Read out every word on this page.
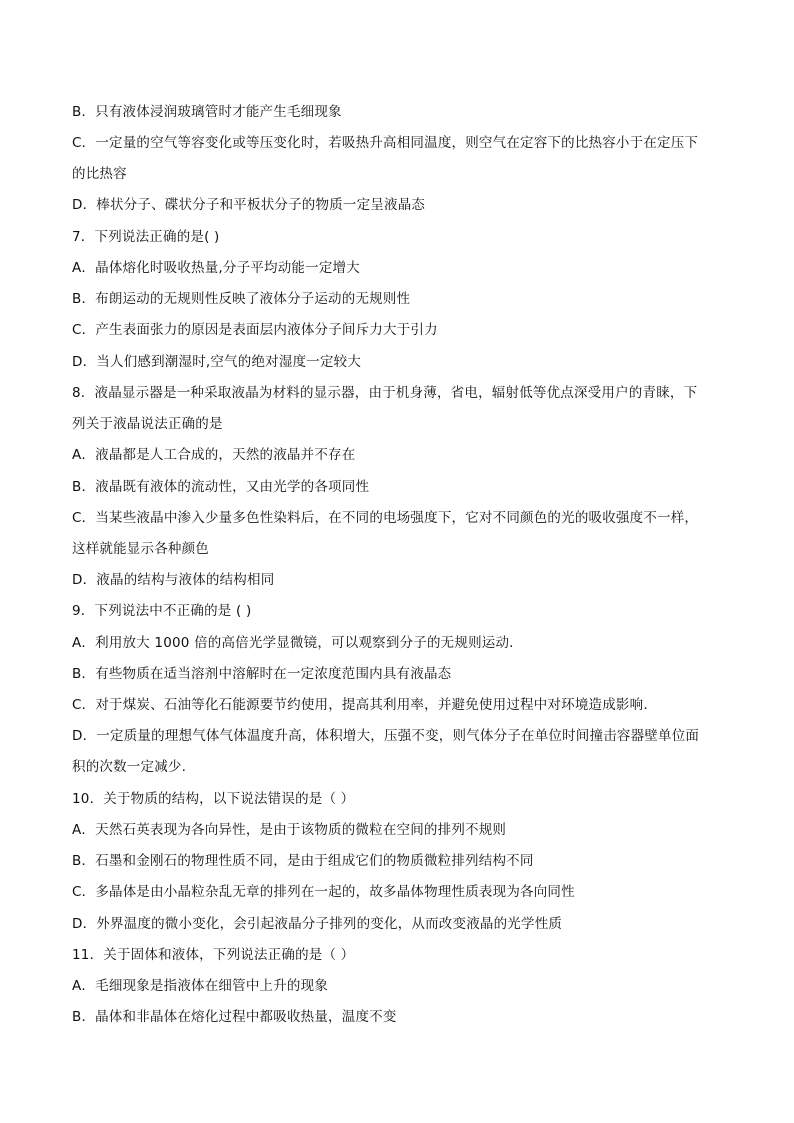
B．只有液体浸润玻璃管时才能产生毛细现象
C．一定量的空气等容变化或等压变化时，若吸热升高相同温度，则空气在定容下的比热容小于在定压下
的比热容
D．棒状分子、碟状分子和平板状分子的物质一定呈液晶态
7．下列说法正确的是( )
A．晶体熔化时吸收热量,分子平均动能一定增大
B．布朗运动的无规则性反映了液体分子运动的无规则性
C．产生表面张力的原因是表面层内液体分子间斥力大于引力
D．当人们感到潮湿时,空气的绝对湿度一定较大
8．液晶显示器是一种采取液晶为材料的显示器，由于机身薄，省电，辐射低等优点深受用户的青睐，下
列关于液晶说法正确的是
A．液晶都是人工合成的，天然的液晶并不存在
B．液晶既有液体的流动性，又由光学的各项同性
C．当某些液晶中渗入少量多色性染料后，在不同的电场强度下，它对不同颜色的光的吸收强度不一样，
这样就能显示各种颜色
D．液晶的结构与液体的结构相同
9．下列说法中不正确的是 ( )
A．利用放大 1000 倍的高倍光学显微镜，可以观察到分子的无规则运动.
B．有些物质在适当溶剂中溶解时在一定浓度范围内具有液晶态
C．对于煤炭、石油等化石能源要节约使用，提高其利用率，并避免使用过程中对环境造成影响.
D．一定质量的理想气体气体温度升高，体积增大，压强不变，则气体分子在单位时间撞击容器壁单位面
积的次数一定减少.
10．关于物质的结构，以下说法错误的是（ ）
A．天然石英表现为各向异性，是由于该物质的微粒在空间的排列不规则
B．石墨和金刚石的物理性质不同，是由于组成它们的物质微粒排列结构不同
C．多晶体是由小晶粒杂乱无章的排列在一起的，故多晶体物理性质表现为各向同性
D．外界温度的微小变化，会引起液晶分子排列的变化，从而改变液晶的光学性质
11．关于固体和液体，下列说法正确的是（ ）
A．毛细现象是指液体在细管中上升的现象
B．晶体和非晶体在熔化过程中都吸收热量，温度不变
